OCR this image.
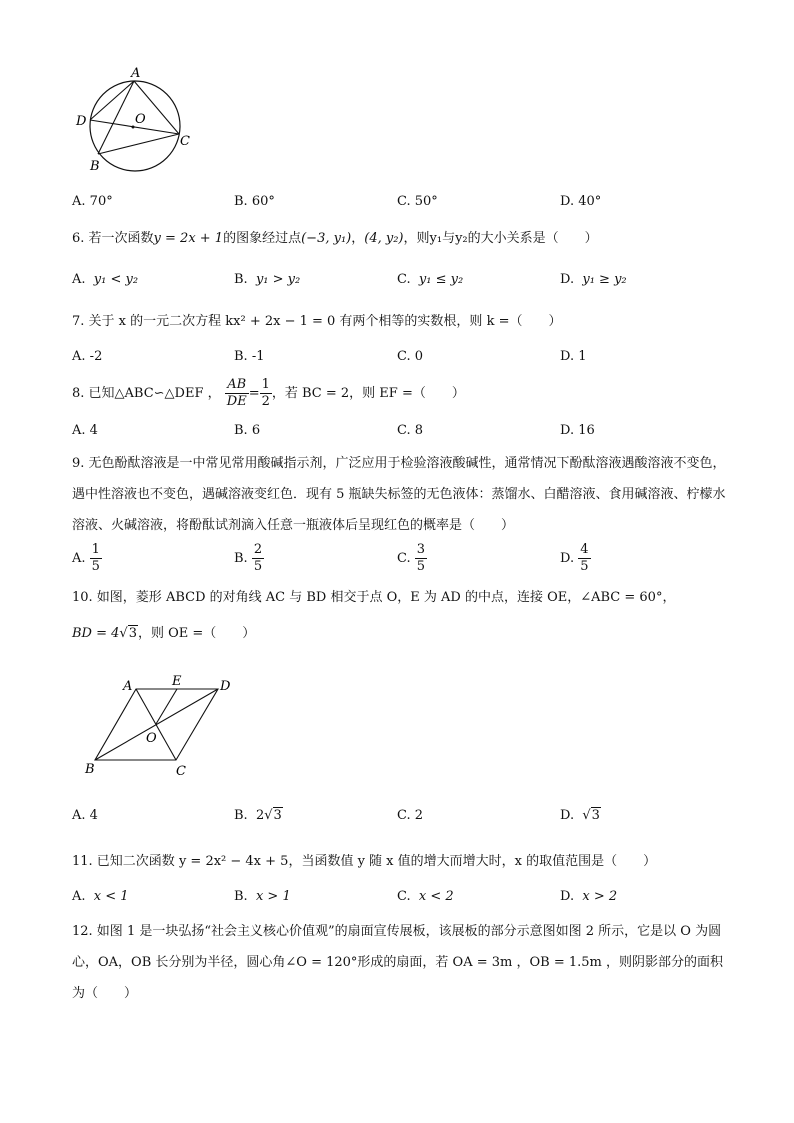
A
D	O
C
B
A. 70°	B. 60°	C. 50°	D. 40°
6. 若一次函数y = 2x + 1的图象经过点(−3, y₁)，(4, y₂)，则y₁与y₂的大小关系是（　　）
A. y₁ < y₂	B. y₁ > y₂	C. y₁ ≤ y₂	D. y₁ ≥ y₂
7. 关于 x 的一元二次方程 kx² + 2x − 1 = 0 有两个相等的实数根，则 k =（　　）
A. -2	B. -1	C. 0	D. 1
8. 已知△ABC∽△DEF ， $\frac{AB}{DE} = \frac{1}{2}$ ，若 BC = 2，则 EF =（　　）
A. 4	B. 6	C. 8	D. 16
9. 无色酚酞溶液是一中常见常用酸碱指示剂，广泛应用于检验溶液酸碱性，通常情况下酚酞溶液遇酸溶液不变色，遇中性溶液也不变色，遇碱溶液变红色．现有 5 瓶缺失标签的无色液体：蒸馏水、白醋溶液、食用碱溶液、柠檬水溶液、火碱溶液，将酚酞试剂滴入任意一瓶液体后呈现红色的概率是（　　）
A. $\frac{1}{5}$	B. $\frac{2}{5}$	C. $\frac{3}{5}$	D. $\frac{4}{5}$
10. 如图，菱形 ABCD 的对角线 AC 与 BD 相交于点 O，E 为 AD 的中点，连接 OE，∠ABC = 60°，
BD = 4√3，则 OE =（　　）
A	E	D
O
B	C
A. 4	B. 2√3	C. 2	D. √3
11. 已知二次函数 y = 2x² − 4x + 5，当函数值 y 随 x 值的增大而增大时，x 的取值范围是（　　）
A. x < 1	B. x > 1	C. x < 2	D. x > 2
12. 如图 1 是一块弘扬“社会主义核心价值观”的扇面宣传展板，该展板的部分示意图如图 2 所示，它是以 O 为圆心，OA，OB 长分别为半径，圆心角∠O = 120°形成的扇面，若 OA = 3m ，OB = 1.5m ，则阴影部分的面积为（　　）
